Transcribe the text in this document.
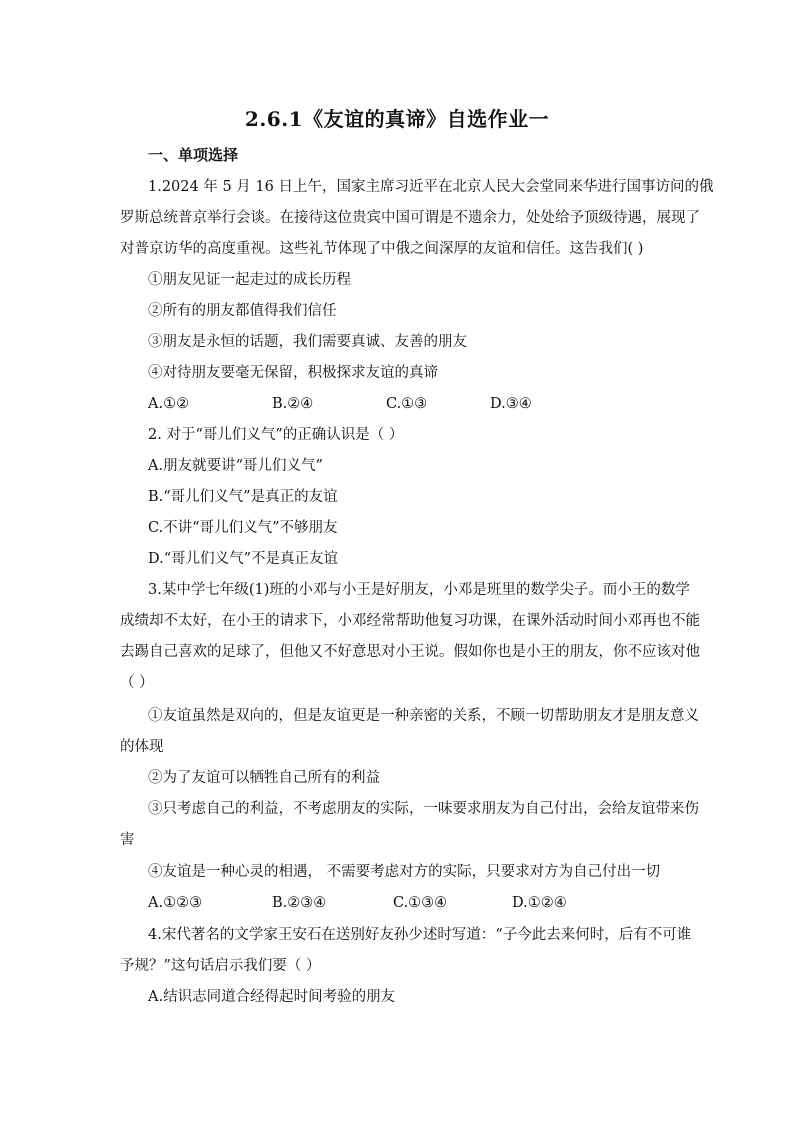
2.6.1《友谊的真谛》自选作业一
一、单项选择
1.2024 年 5 月 16 日上午，国家主席习近平在北京人民大会堂同来华进行国事访问的俄
罗斯总统普京举行会谈。在接待这位贵宾中国可谓是不遗余力，处处给予顶级待遇，展现了
对普京访华的高度重视。这些礼节体现了中俄之间深厚的友谊和信任。这告我们( )
①朋友见证一起走过的成长历程
②所有的朋友都值得我们信任
③朋友是永恒的话题，我们需要真诚、友善的朋友
④对待朋友要毫无保留，积极探求友谊的真谛
A.①②	B.②④	C.①③	D.③④
2. 对于“哥儿们义气”的正确认识是（ ）
A.朋友就要讲“哥儿们义气”
B.“哥儿们义气”是真正的友谊
C.不讲“哥儿们义气”不够朋友
D.“哥儿们义气”不是真正友谊
3.某中学七年级(1)班的小邓与小王是好朋友，小邓是班里的数学尖子。而小王的数学
成绩却不太好，在小王的请求下，小邓经常帮助他复习功课，在课外活动时间小邓再也不能
去踢自己喜欢的足球了，但他又不好意思对小王说。假如你也是小王的朋友，你不应该对他
（ ）
①友谊虽然是双向的，但是友谊更是一种亲密的关系，不顾一切帮助朋友才是朋友意义
的体现
②为了友谊可以牺牲自己所有的利益
③只考虑自己的利益，不考虑朋友的实际，一味要求朋友为自己付出，会给友谊带来伤
害
④友谊是一种心灵的相遇， 不需要考虑对方的实际，只要求对方为自己付出一切
A.①②③	B.②③④	C.①③④	D.①②④
4.宋代著名的文学家王安石在送别好友孙少述时写道：“子今此去来何时，后有不可谁
予规？”这句话启示我们要（ ）
A.结识志同道合经得起时间考验的朋友
